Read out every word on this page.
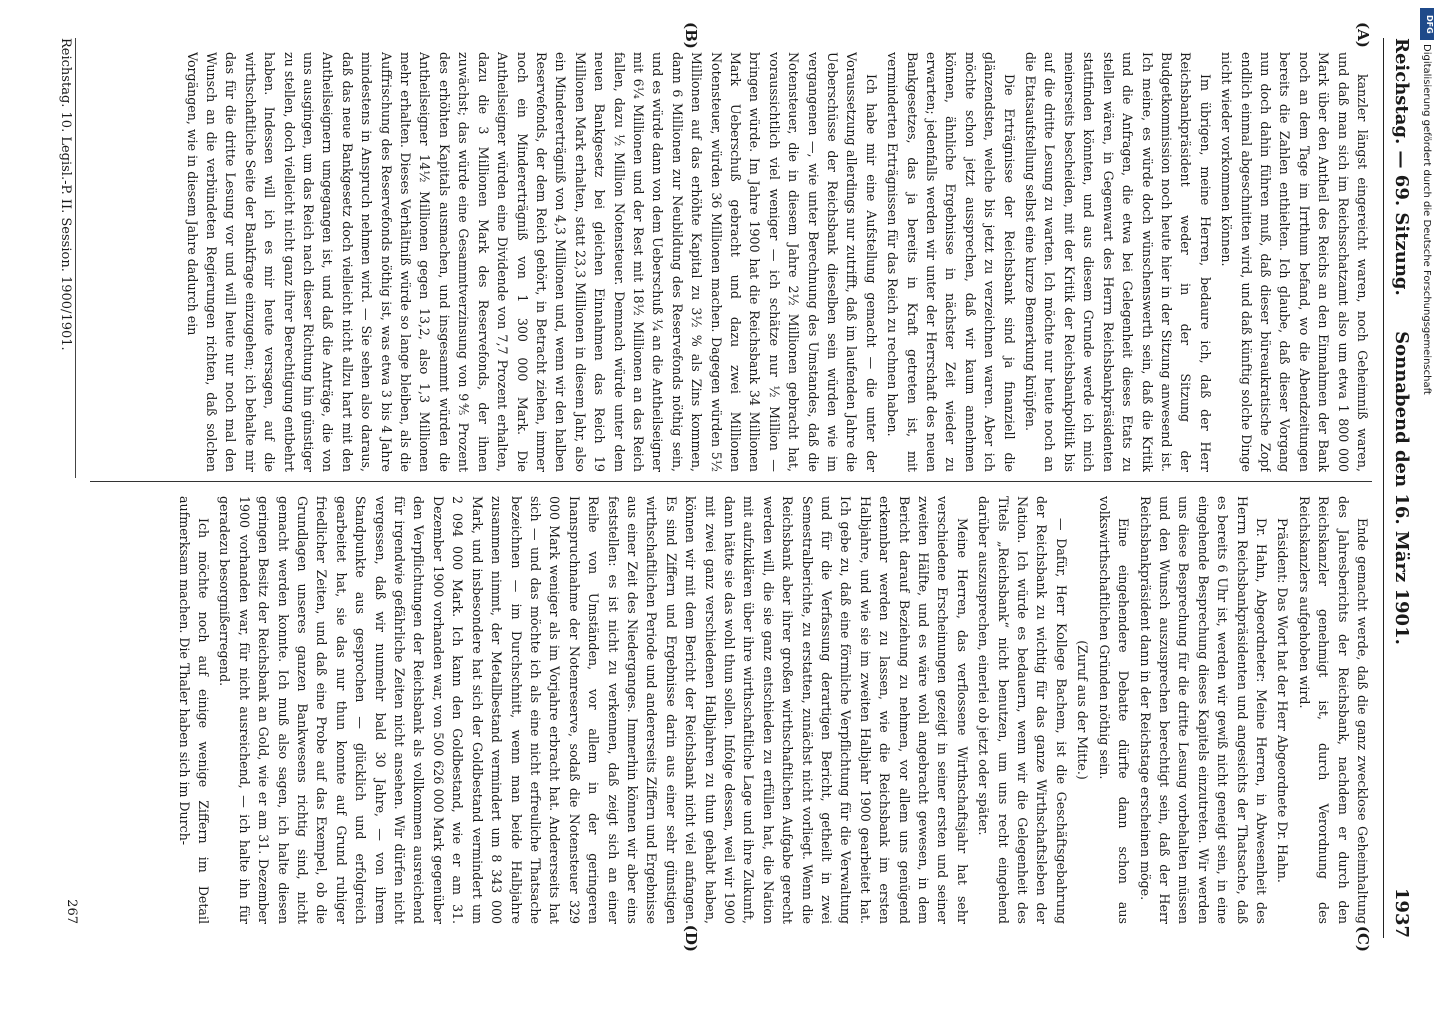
Reichstag. — 69. Sitzung.
Sonnabend den 16. März 1901.
1937
(A)
(B)
(C)
(D)

kanzler längst eingereicht waren, noch Geheimniß waren, und daß man sich im Reichsschatzamt also um etwa 1 800 000 Mark über den Antheil des Reichs an den Einnahmen der Bank noch an dem Tage im Irrthum befand, wo die Abendzeitungen bereits die Zahlen enthielten. Ich glaube, daß dieser Vorgang nun doch dahin führen muß, daß dieser büreaukratische Zopf endlich einmal abgeschnitten wird, und daß künftig solche Dinge nicht wieder vorkommen können.

Im übrigen, meine Herren, bedaure ich, daß der Herr Reichsbankpräsident weder in der Sitzung der Budgetkommission noch heute hier in der Sitzung anwesend ist. Ich meine, es würde doch wünschenswerth sein, daß die Kritik und die Anfragen, die etwa bei Gelegenheit dieses Etats zu stellen wären, in Gegenwart des Herrn Reichsbankpräsidenten stattfinden könnten, und aus diesem Grunde werde ich mich meinerseits bescheiden, mit der Kritik der Reichsbankpolitik bis auf die dritte Lesung zu warten. Ich möchte nur heute noch an die Etatsaufstellung selbst eine kurze Bemerkung knüpfen.

Die Erträgnisse der Reichsbank sind ja finanziell die glänzendsten, welche bis jetzt zu verzeichnen waren. Aber ich möchte schon jetzt aussprechen, daß wir kaum annehmen können, ähnliche Ergebnisse in nächster Zeit wieder zu erwarten; jedenfalls werden wir unter der Herrschaft des neuen Bankgesetzes, das ja bereits in Kraft getreten ist, mit verminderten Erträgnissen für das Reich zu rechnen haben.

Ich habe mir eine Aufstellung gemacht — die unter der Voraussetzung allerdings nur zutrifft, daß im laufenden Jahre die Ueberschüsse der Reichsbank dieselben sein würden wie im vergangenen —, wie unter Berechnung des Umstandes, daß die Notensteuer, die in diesem Jahre 2½ Millionen gebracht hat, voraussichtlich viel weniger — ich schätze nur ½ Million — bringen würde. Im Jahre 1900 hat die Reichsbank 34 Millionen Mark Ueberschuß gebracht und dazu zwei Millionen Notensteuer, würden 36 Millionen machen. Dagegen würden 5½ Millionen auf das erhöhte Kapital zu 3½ % als Zins kommen, dann 6 Millionen zur Neubildung des Reservefonds nöthig sein, und es würde dann von dem Ueberschuß ¼ an die Antheilseigner mit 6¼ Millionen und der Rest mit 18½ Millionen an das Reich fallen, dazu ½ Million Notensteuer. Demnach würde unter dem neuen Bankgesetz bei gleichen Einnahmen das Reich 19 Millionen Mark erhalten, statt 23,3 Millionen in diesem Jahr, also ein Mindererträgniß von 4,3 Millionen und, wenn wir den halben Reservefonds, der dem Reich gehört, in Betracht ziehen, immer noch ein Mindererträgniß von 1 300 000 Mark. Die Antheilseigner würden eine Dividende von 7,7 Prozent erhalten, dazu die 3 Millionen Mark des Reservefonds, der ihnen zuwächst; das würde eine Gesammtverzinsung von 9⅘ Prozent des erhöhten Kapitals ausmachen, und insgesammt würden die Antheilseigner 14½ Millionen gegen 13,2, also 1,3 Millionen mehr erhalten. Dieses Verhältniß würde so lange bleiben, als die Auffrischung des Reservefonds nöthig ist, was etwa 3 bis 4 Jahre mindestens in Anspruch nehmen wird. — Sie sehen also daraus, daß das neue Bankgesetz doch vielleicht nicht allzu hart mit den Antheilseignern umgegangen ist, und daß die Anträge, die von uns ausgingen, um das Reich nach dieser Richtung hin günstiger zu stellen, doch vielleicht nicht ganz ihrer Berechtigung entbehrt haben. Indessen will ich es mir heute versagen, auf die wirthschaftliche Seite der Bankfrage einzugehen; ich behalte mir das für die dritte Lesung vor und will heute nur noch mal den Wunsch an die verbündeten Regierungen richten, daß solchen Vorgängen, wie in diesem Jahre dadurch ein

Ende gemacht werde, daß die ganz zwecklose Geheimhaltung des Jahresberichts der Reichsbank, nachdem er durch den Reichskanzler genehmigt ist, durch Verordnung des Reichskanzlers aufgehoben wird.

Präsident: Das Wort hat der Herr Abgeordnete Dr. Hahn.

Dr. Hahn, Abgeordneter: Meine Herren, in Abwesenheit des Herrn Reichsbankpräsidenten und angesichts der Thatsache, daß es bereits 6 Uhr ist, werden wir gewiß nicht geneigt sein, in eine eingehende Besprechung dieses Kapitels einzutreten. Wir werden uns diese Besprechung für die dritte Lesung vorbehalten müssen und den Wunsch auszusprechen berechtigt sein, daß der Herr Reichsbankpräsident dann in der Reichstage erscheinen möge.

Eine eingehendere Debatte dürfte dann schon aus volkswirthschaftlichen Gründen nöthig sein.

(Zuruf aus der Mitte.)

— Dafür, Herr Kollege Bachem, ist die Geschäftsgebahrung der Reichsbank zu wichtig für das ganze Wirthschaftsleben der Nation. Ich würde es bedauern, wenn wir die Gelegenheit des Titels „Reichsbank“ nicht benutzen, um uns recht eingehend darüber auszusprechen, einerlei ob jetzt oder später.

Meine Herren, das verflossene Wirthschaftsjahr hat sehr verschiedene Erscheinungen gezeigt in seiner ersten und seiner zweiten Hälfte, und es wäre wohl angebracht gewesen, in dem Bericht darauf Beziehung zu nehmen, vor allem uns genügend erkennbar werden zu lassen, wie die Reichsbank im ersten Halbjahre, und wie sie im zweiten Halbjahr 1900 gearbeitet hat. Ich gebe zu, daß eine förmliche Verpflichtung für die Verwaltung und für die Verfassung derartigen Bericht, getheilt in zwei Semestralberichte, zu erstatten, zunächst nicht vorliegt. Wenn die Reichsbank aber ihrer großen wirthschaftlichen Aufgabe gerecht werden will, die sie ganz entschieden zu erfüllen hat, die Nation mit aufzuklären über ihre wirthschaftliche Lage und ihre Zukunft, dann hätte sie das wohl thun sollen. Infolge dessen, weil wir 1900 mit zwei ganz verschiedenen Halbjahren zu thun gehabt haben, können wir mit dem Bericht der Reichsbank nicht viel anfangen. Es sind Ziffern und Ergebnisse darin aus einer sehr günstigen wirthschaftlichen Periode und andererseits Ziffern und Ergebnisse aus einer Zeit des Niederganges. Immerhin können wir aber eins feststellen: es ist nicht zu verkennen, daß zeigt sich an einer Reihe von Umständen, vor allem in der geringeren Inanspruchnahme der Notenreserve, sodaß die Notensteuer 329 000 Mark weniger als im Vorjahre erbracht hat. Andererseits hat sich — und das möchte ich als eine nicht erfreuliche Thatsache bezeichnen — im Durchschnitt, wenn man beide Halbjahre zusammen nimmt, der Metallbestand vermindert um 8 343 000 Mark, und insbesondere hat sich der Goldbestand vermindert um 2 094 000 Mark. Ich kann den Goldbestand, wie er am 31. Dezember 1900 vorhanden war, von 500 626 000 Mark gegenüber den Verpflichtungen der Reichsbank als vollkommen ausreichend für irgendwie gefährliche Zeiten nicht ansehen. Wir dürfen nicht vergessen, daß wir nunmehr bald 30 Jahre, — von ihrem Standpunkte aus gesprochen — glücklich und erfolgreich gearbeitet hat, sie das nur thun konnte auf Grund ruhiger friedlicher Zeiten, und daß eine Probe auf das Exempel, ob die Grundlagen unseres ganzen Bankwesens richtig sind, nicht gemacht werden konnte. Ich muß also sagen, ich halte diesen geringen Besitz der Reichsbank an Gold, wie er am 31. Dezember 1900 vorhanden war, für nicht ausreichend, — ich halte ihn für geradezu besorgnißerregend.

Ich möchte noch auf einige wenige Ziffern im Detail aufmerksam machen. Die Thaler haben sich im Durch-

Reichstag. 10. Legisl.-P. II. Session. 1900/1901.
267
DFG
Digitalisierung gefördert durch die Deutsche Forschungsgemeinschaft
